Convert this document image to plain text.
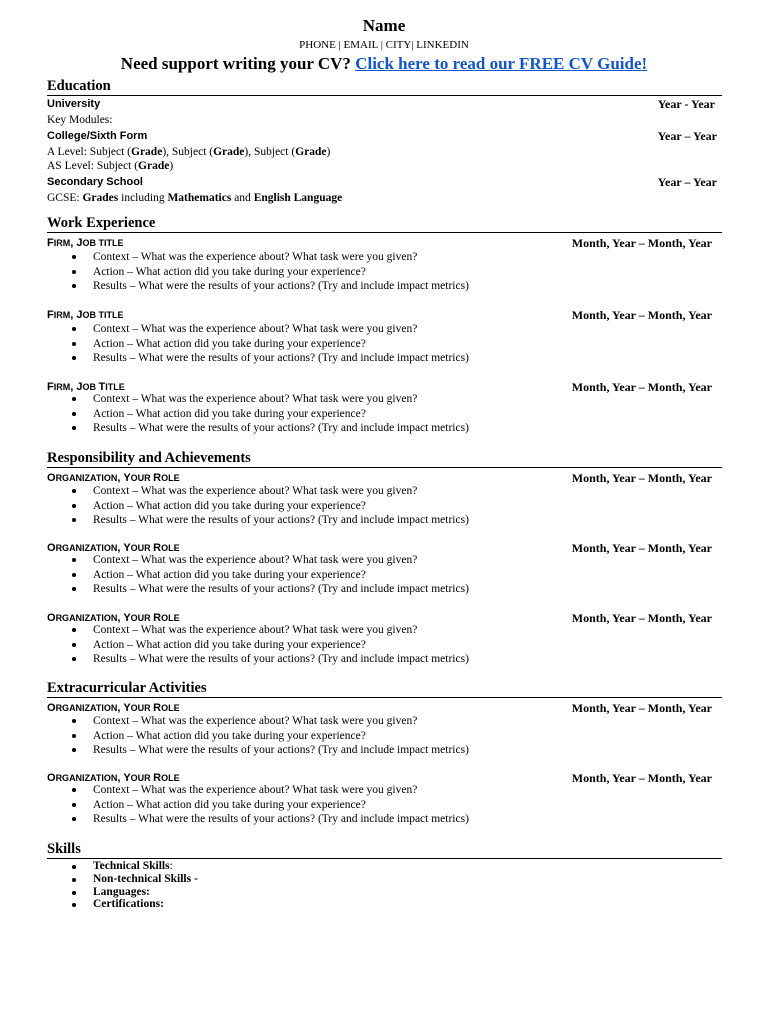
Name
PHONE | EMAIL | CITY| LINKEDIN
Need support writing your CV? Click here to read our FREE CV Guide!
Education
University	Year - Year
Key Modules:
College/Sixth Form	Year – Year
A Level: Subject (Grade), Subject (Grade), Subject (Grade)
AS Level: Subject (Grade)
Secondary School	Year – Year
GCSE: Grades including Mathematics and English Language
Work Experience
FIRM, JOB TITLE	Month, Year – Month, Year
Context – What was the experience about? What task were you given?
Action – What action did you take during your experience?
Results – What were the results of your actions? (Try and include impact metrics)
FIRM, JOB TITLE	Month, Year – Month, Year
Context – What was the experience about? What task were you given?
Action – What action did you take during your experience?
Results – What were the results of your actions? (Try and include impact metrics)
FIRM, JOB TITLE	Month, Year – Month, Year
Context – What was the experience about? What task were you given?
Action – What action did you take during your experience?
Results – What were the results of your actions? (Try and include impact metrics)
Responsibility and Achievements
ORGANIZATION, YOUR ROLE	Month, Year – Month, Year
Context – What was the experience about? What task were you given?
Action – What action did you take during your experience?
Results – What were the results of your actions? (Try and include impact metrics)
ORGANIZATION, YOUR ROLE	Month, Year – Month, Year
Context – What was the experience about? What task were you given?
Action – What action did you take during your experience?
Results – What were the results of your actions? (Try and include impact metrics)
ORGANIZATION, YOUR ROLE	Month, Year – Month, Year
Context – What was the experience about? What task were you given?
Action – What action did you take during your experience?
Results – What were the results of your actions? (Try and include impact metrics)
Extracurricular Activities
ORGANIZATION, YOUR ROLE	Month, Year – Month, Year
Context – What was the experience about? What task were you given?
Action – What action did you take during your experience?
Results – What were the results of your actions? (Try and include impact metrics)
ORGANIZATION, YOUR ROLE	Month, Year – Month, Year
Context – What was the experience about? What task were you given?
Action – What action did you take during your experience?
Results – What were the results of your actions? (Try and include impact metrics)
Skills
Technical Skills:
Non-technical Skills -
Languages:
Certifications:
